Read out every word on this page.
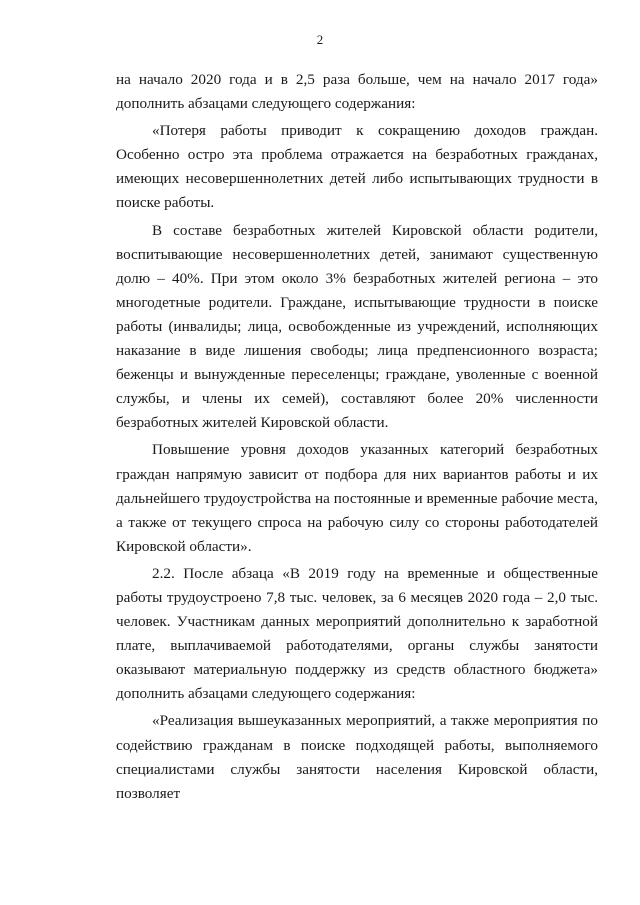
2

на начало 2020 года и в 2,5 раза больше, чем на начало 2017 года» дополнить абзацами следующего содержания:

«Потеря работы приводит к сокращению доходов граждан. Особенно остро эта проблема отражается на безработных гражданах, имеющих несовершеннолетних детей либо испытывающих трудности в поиске работы.

В составе безработных жителей Кировской области родители, воспитывающие несовершеннолетних детей, занимают существенную долю – 40%. При этом около 3% безработных жителей региона – это многодетные родители. Граждане, испытывающие трудности в поиске работы (инвалиды; лица, освобожденные из учреждений, исполняющих наказание в виде лишения свободы; лица предпенсионного возраста; беженцы и вынужденные переселенцы; граждане, уволенные с военной службы, и члены их семей), составляют более 20% численности безработных жителей Кировской области.

Повышение уровня доходов указанных категорий безработных граждан напрямую зависит от подбора для них вариантов работы и их дальнейшего трудоустройства на постоянные и временные рабочие места, а также от текущего спроса на рабочую силу со стороны работодателей Кировской области».

2.2. После абзаца «В 2019 году на временные и общественные работы трудоустроено 7,8 тыс. человек, за 6 месяцев 2020 года – 2,0 тыс. человек. Участникам данных мероприятий дополнительно к заработной плате, выплачиваемой работодателями, органы службы занятости оказывают материальную поддержку из средств областного бюджета» дополнить абзацами следующего содержания:

«Реализация вышеуказанных мероприятий, а также мероприятия по содействию гражданам в поиске подходящей работы, выполняемого специалистами службы занятости населения Кировской области, позволяет
